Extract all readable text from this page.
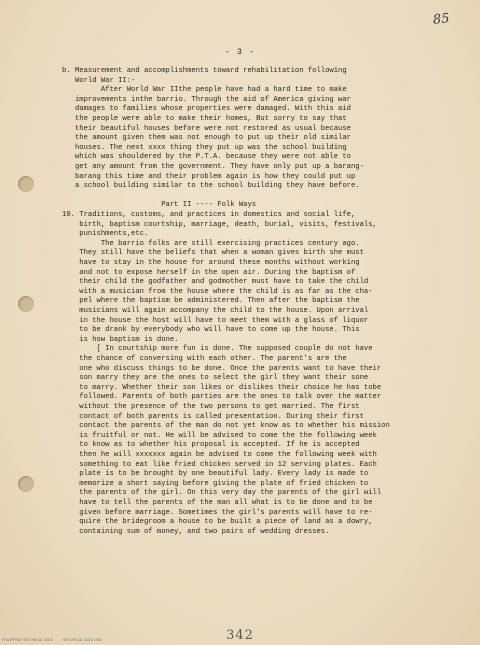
85
- 3 -
b. Measurement and accomplishments toward rehabilitation following
World War II:-
After World War IIthe people have had a hard time to make
improvements inthe barrio. Through the aid of America giving war
damages to families whose properties were damaged. With this aid
the people were able to make their homes, But sorry to say that
their beautiful houses before were not restored as usual because
the amount given them was not enough to put up their old similar
houses. The next xxxx thing they put up was the school building
which was shouldered by the P.T.A. because they were not able to
get any amount from the government. They have only put up a barang-
barang this time and their problem again is how they could put up
a school building similar to the school building they have before.
Part II ---- Folk Ways
10. Traditions, customs, and practices in domestics and social life,
birth, baptism courtship, marriage, death, burial, visits, festivals,
punishments,etc.
The barrio folks are still exercising practices century ago.
They still have the beliefs that when a woman gives birth she must
have to stay in the house for around these months without working
and not to expose herself in the open air. During the baptism of
their child the godfather and godmother must have to take the child
with a musician from the house where the child is as far as the cha-
pel where the baptism be administered. Then after the baptism the
musicians will again accompany the child to the house. Upon arrival
in the house the host will have to meet them with a glass of liquor
to be drank by everybody who will have to come up the house. This
is how baptism is done.
[ In courtship more fun is done. The supposed couple do not have
the chance of conversing with each other. The parent's are the
one who discuss things to be done. Once the parents want to have their
son marry they are the ones to select the girl they want their sone
to marry. Whether their son likes or dislikes their choice he has tobe
followed. Parents of both parties are the ones to talk over the matter
without the presence of the two persons to get married. The first
contact of both parents is called presentation. During their first
contact the parents of the man do not yet know as to whether his mission
is fruitful or not. He will be advised to come the the following week
to know as to whether his proposal is accepted. If he is accepted
then he will xxxxxxx again be advised to come the following week with
something to eat like fried chicken served in 12 serving plates. Each
plate is to be brought by one beautiful lady. Every lady is made to
memorize a short saying before giving the plate of fried chicken to
the parents of the girl. On this very day the parents of the girl will
have to tell the parents of the man all what is to be done and to be
given before marriage. Sometimes the girl's parents will have to re-
quire the bridegroom a house to be built a piece of land as a dowry,
containing sum of money, and two pairs of wedding dresses.
342
PHILIPPINE HISTORICAL DATA          HISTORICAL DATA 1953
